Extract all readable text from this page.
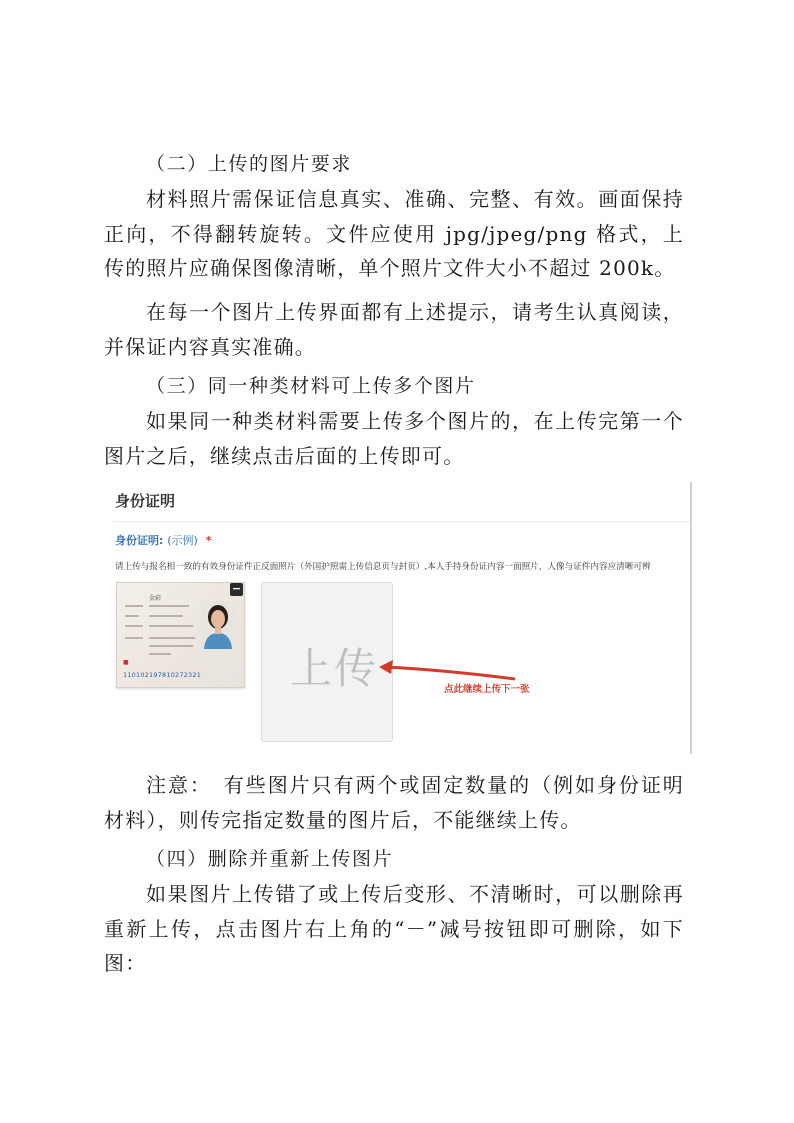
（二）上传的图片要求
材料照片需保证信息真实、准确、完整、有效。画面保持正向，不得翻转旋转。文件应使用 jpg/jpeg/png 格式，上传的照片应确保图像清晰，单个照片文件大小不超过 200k。
在每一个图片上传界面都有上述提示，请考生认真阅读，并保证内容真实准确。
（三）同一种类材料可上传多个图片
如果同一种类材料需要上传多个图片的，在上传完第一个图片之后，继续点击后面的上传即可。
身份证明
身份证明: (示例) *
请上传与报名相一致的有效身份证件正反面照片（外国护照需上传信息页与封页）,本人手持身份证内容一面照片，人像与证件内容应清晰可辨
金彩
■
11010219781027232​1
−
上传	点此继续上传下一张
注意：　有些图片只有两个或固定数量的（例如身份证明材料），则传完指定数量的图片后，不能继续上传。
（四）删除并重新上传图片
如果图片上传错了或上传后变形、不清晰时，可以删除再重新上传，点击图片右上角的“－”减号按钮即可删除，如下图：
